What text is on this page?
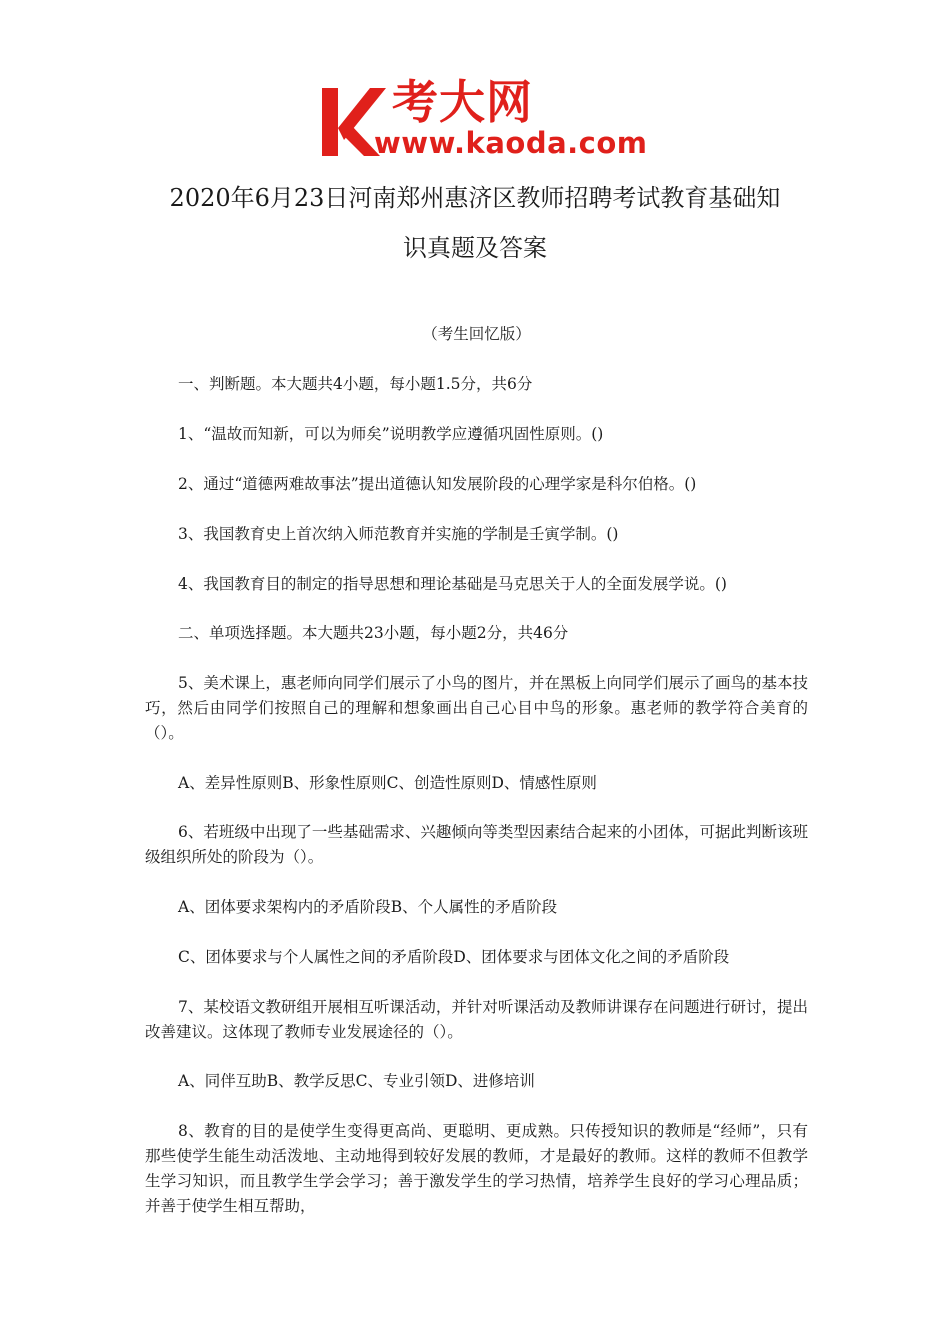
考大网
www.kaoda.com
2020年6月23日河南郑州惠济区教师招聘考试教育基础知
识真题及答案

（考生回忆版）

一、判断题。本大题共4小题，每小题1.5分，共6分

1、“温故而知新，可以为师矣”说明教学应遵循巩固性原则。()

2、通过“道德两难故事法”提出道德认知发展阶段的心理学家是科尔伯格。()

3、我国教育史上首次纳入师范教育并实施的学制是壬寅学制。()

4、我国教育目的制定的指导思想和理论基础是马克思关于人的全面发展学说。()

二、单项选择题。本大题共23小题，每小题2分，共46分

5、美术课上，惠老师向同学们展示了小鸟的图片，并在黑板上向同学们展示了画鸟的基本技巧，然后由同学们按照自己的理解和想象画出自己心目中鸟的形象。惠老师的教学符合美育的（）。

A、差异性原则B、形象性原则C、创造性原则D、情感性原则

6、若班级中出现了一些基础需求、兴趣倾向等类型因素结合起来的小团体，可据此判断该班级组织所处的阶段为（）。

A、团体要求架构内的矛盾阶段B、个人属性的矛盾阶段

C、团体要求与个人属性之间的矛盾阶段D、团体要求与团体文化之间的矛盾阶段

7、某校语文教研组开展相互听课活动，并针对听课活动及教师讲课存在问题进行研讨，提出改善建议。这体现了教师专业发展途径的（）。

A、同伴互助B、教学反思C、专业引领D、进修培训

8、教育的目的是使学生变得更高尚、更聪明、更成熟。只传授知识的教师是“经师”，只有那些使学生能生动活泼地、主动地得到较好发展的教师，才是最好的教师。这样的教师不但教学生学习知识，而且教学生学会学习；善于激发学生的学习热情，培养学生良好的学习心理品质；并善于使学生相互帮助，
